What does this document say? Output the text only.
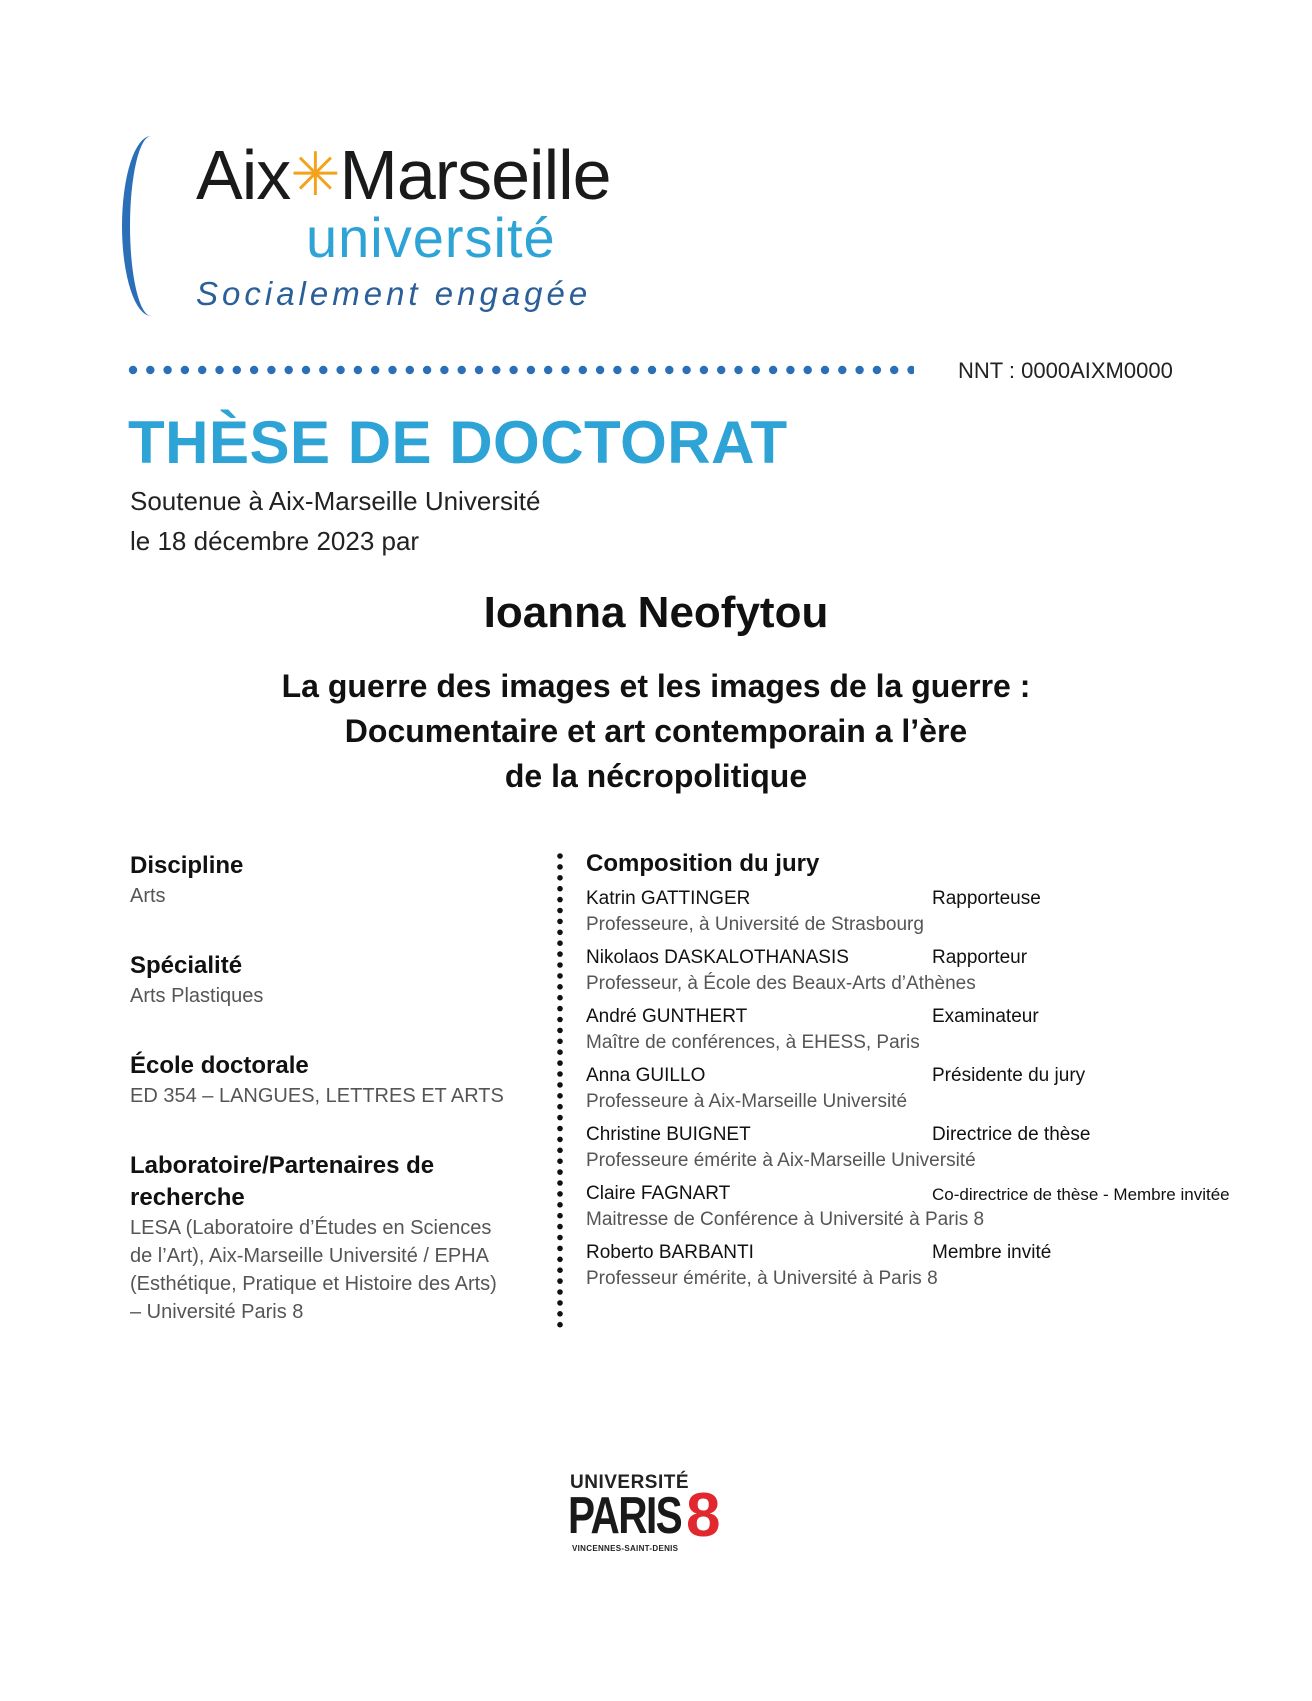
Aix✳Marseille
université
Socialement engagée
NNT : 0000AIXM0000
THÈSE DE DOCTORAT
Soutenue à Aix-Marseille Université
le 18 décembre 2023 par
Ioanna Neofytou
La guerre des images et les images de la guerre :
Documentaire et art contemporain a l’ère
de la nécropolitique
Discipline
Arts
Spécialité
Arts Plastiques
École doctorale
ED 354 – LANGUES, LETTRES ET ARTS
Laboratoire/Partenaires de
recherche
LESA (Laboratoire d’Études en Sciences
de l’Art), Aix-Marseille Université / EPHA
(Esthétique, Pratique et Histoire des Arts)
– Université Paris 8
Composition du jury
Katrin GATTINGER	Rapporteuse
Professeure, à Université de Strasbourg
Nikolaos DASKALOTHANASIS	Rapporteur
Professeur, à École des Beaux-Arts d’Athènes
André GUNTHERT	Examinateur
Maître de conférences, à EHESS, Paris
Anna GUILLO	Présidente du jury
Professeure à Aix-Marseille Université
Christine BUIGNET	Directrice de thèse
Professeure émérite à Aix-Marseille Université
Claire FAGNART	Co-directrice de thèse - Membre invitée
Maitresse de Conférence à Université à Paris 8
Roberto BARBANTI	Membre invité
Professeur émérite, à Université à Paris 8
UNIVERSITÉ
PARIS 8
VINCENNES-SAINT-DENIS
